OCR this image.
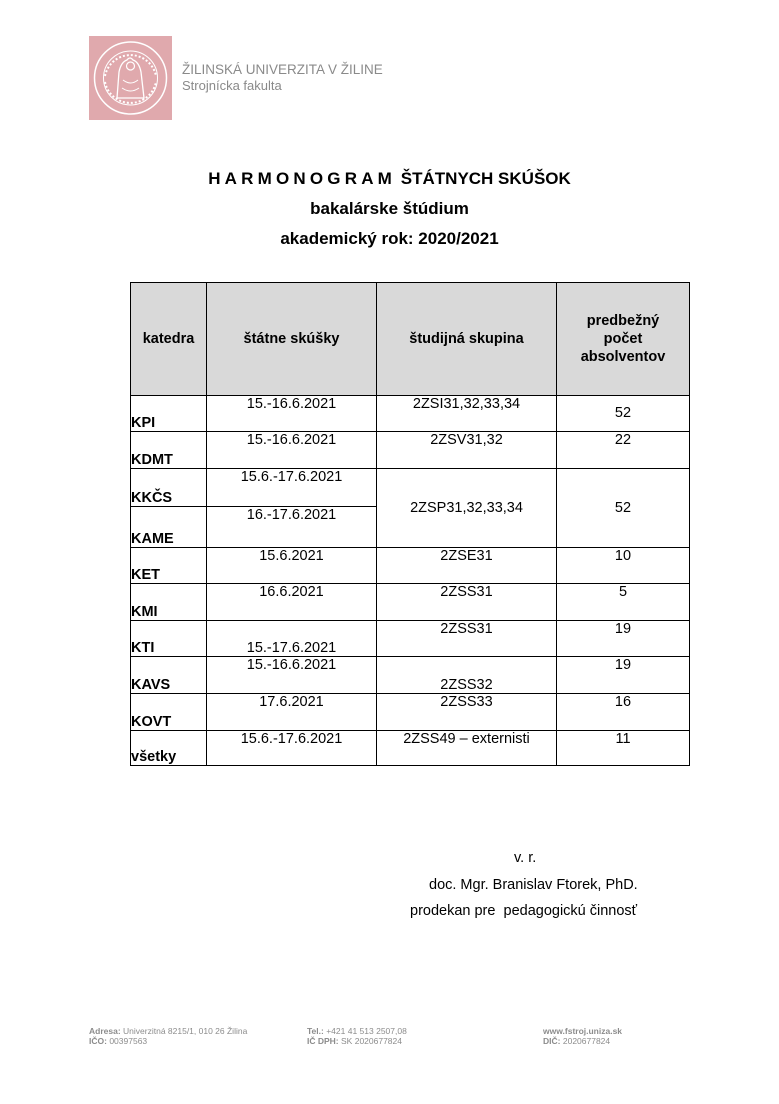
ŽILINSKÁ UNIVERZITA V ŽILINE
Strojnícka fakulta
HARMONOGRAM ŠTÁTNYCH SKÚŠOK
bakalárske štúdium
akademický rok: 2020/2021
katedra	štátne skúšky	študijná skupina	predbežný počet absolventov

KPI	15.-16.6.2021	2ZSI31,32,33,34	52
KDMT	15.-16.6.2021	2ZSV31,32	22
KKČS	15.6.-17.6.2021	2ZSP31,32,33,34	52
KAME	16.-17.6.2021		
KET	15.6.2021	2ZSE31	10
KMI	16.6.2021	2ZSS31	5
KTI	15.-17.6.2021	2ZSS31	19
KAVS	15.-16.6.2021	2ZSS32	19
KOVT	17.6.2021	2ZSS33	16
všetky	15.6.-17.6.2021	2ZSS49 – externisti	11
v. r.
doc. Mgr. Branislav Ftorek, PhD.
prodekan pre  pedagogickú činnosť
Adresa: Univerzitná 8215/1, 010 26 Žilina
IČO: 00397563
Tel.: +421 41 513 2507,08
IČ DPH: SK 2020677824
www.fstroj.uniza.sk
DIČ: 2020677824
